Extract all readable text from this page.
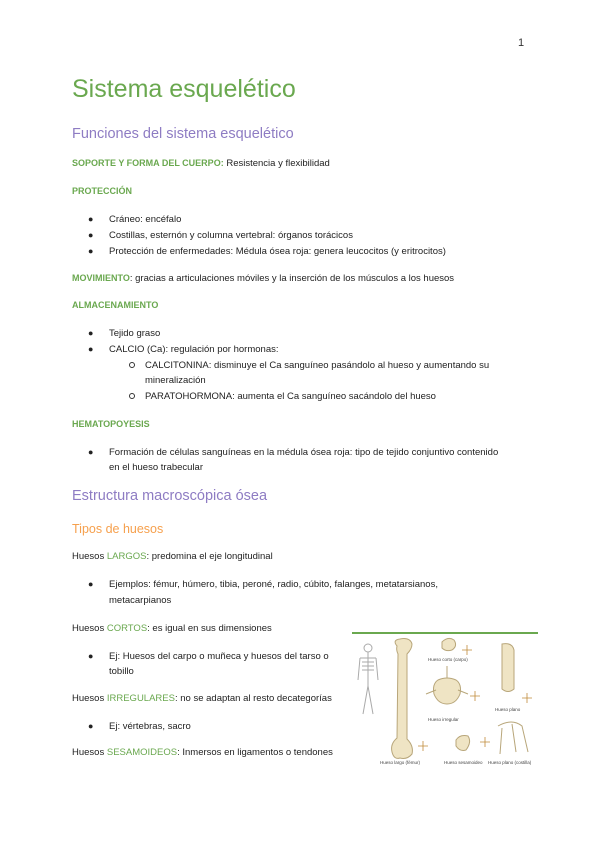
1
Sistema esquelético
Funciones del sistema esquelético
SOPORTE Y FORMA DEL CUERPO: Resistencia y flexibilidad
PROTECCIÓN
● Cráneo: encéfalo
● Costillas, esternón y columna vertebral: órganos torácicos
● Protección de enfermedades: Médula ósea roja: genera leucocitos (y eritrocitos)
MOVIMIENTO: gracias a articulaciones móviles y la inserción de los músculos a los huesos
ALMACENAMIENTO
● Tejido graso
● CALCIO (Ca): regulación por hormonas:
CALCITONINA: disminuye el Ca sanguíneo pasándolo al hueso y aumentando su
mineralización
PARATOHORMONA: aumenta el Ca sanguíneo sacándolo del hueso
HEMATOPOYESIS
● Formación de células sanguíneas en la médula ósea roja: tipo de tejido conjuntivo contenido
en el hueso trabecular
Estructura macroscópica ósea
Tipos de huesos
Huesos LARGOS: predomina el eje longitudinal
● Ejemplos: fémur, húmero, tibia, peroné, radio, cúbito, falanges, metatarsianos,
metacarpianos
Huesos CORTOS: es igual en sus dimensiones
● Ej: Huesos del carpo o muñeca y huesos del tarso o
tobillo
Huesos IRREGULARES: no se adaptan al resto decategorías
● Ej: vértebras, sacro
Huesos SESAMOIDEOS: Inmersos en ligamentos o tendones
Hueso corto (carpo)
Hueso irregular
Hueso plano
Hueso largo (fémur)	Hueso sesamoideo Hueso plano (costilla)
